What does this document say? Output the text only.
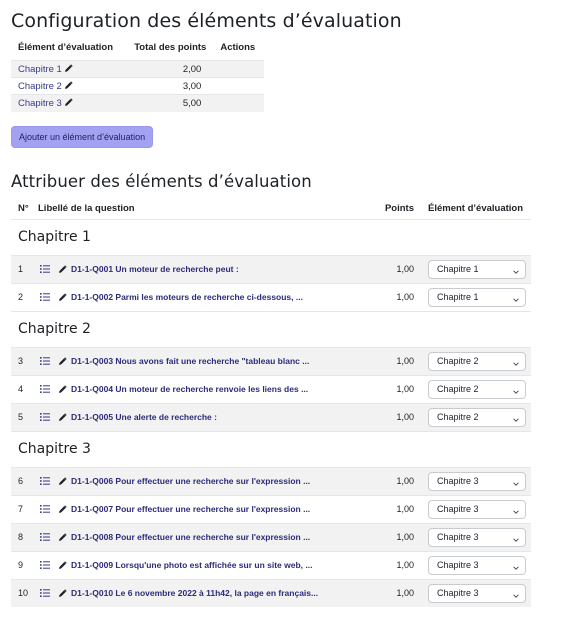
Configuration des éléments d’évaluation
Élément d’évaluation	Total des points	Actions
Chapitre 1	2,00	
Chapitre 2	3,00	
Chapitre 3	5,00	
Ajouter un élément d’évaluation
Attribuer des éléments d’évaluation
N° Libellé de la question	Points	Élément d’évaluation
Chapitre 1
1	D1-1-Q001 Un moteur de recherche peut :	1,00	Chapitre 1
2	D1-1-Q002 Parmi les moteurs de recherche ci-dessous, ...	1,00	Chapitre 1
Chapitre 2
3	D1-1-Q003 Nous avons fait une recherche "tableau blanc ...	1,00	Chapitre 2
4	D1-1-Q004 Un moteur de recherche renvoie les liens des ...	1,00	Chapitre 2
5	D1-1-Q005 Une alerte de recherche :	1,00	Chapitre 2
Chapitre 3
6	D1-1-Q006 Pour effectuer une recherche sur l'expression ...	1,00	Chapitre 3
7	D1-1-Q007 Pour effectuer une recherche sur l'expression ...	1,00	Chapitre 3
8	D1-1-Q008 Pour effectuer une recherche sur l'expression ...	1,00	Chapitre 3
9	D1-1-Q009 Lorsqu'une photo est affichée sur un site web, ...	1,00	Chapitre 3
10	D1-1-Q010 Le 6 novembre 2022 à 11h42, la page en français...	1,00	Chapitre 3
